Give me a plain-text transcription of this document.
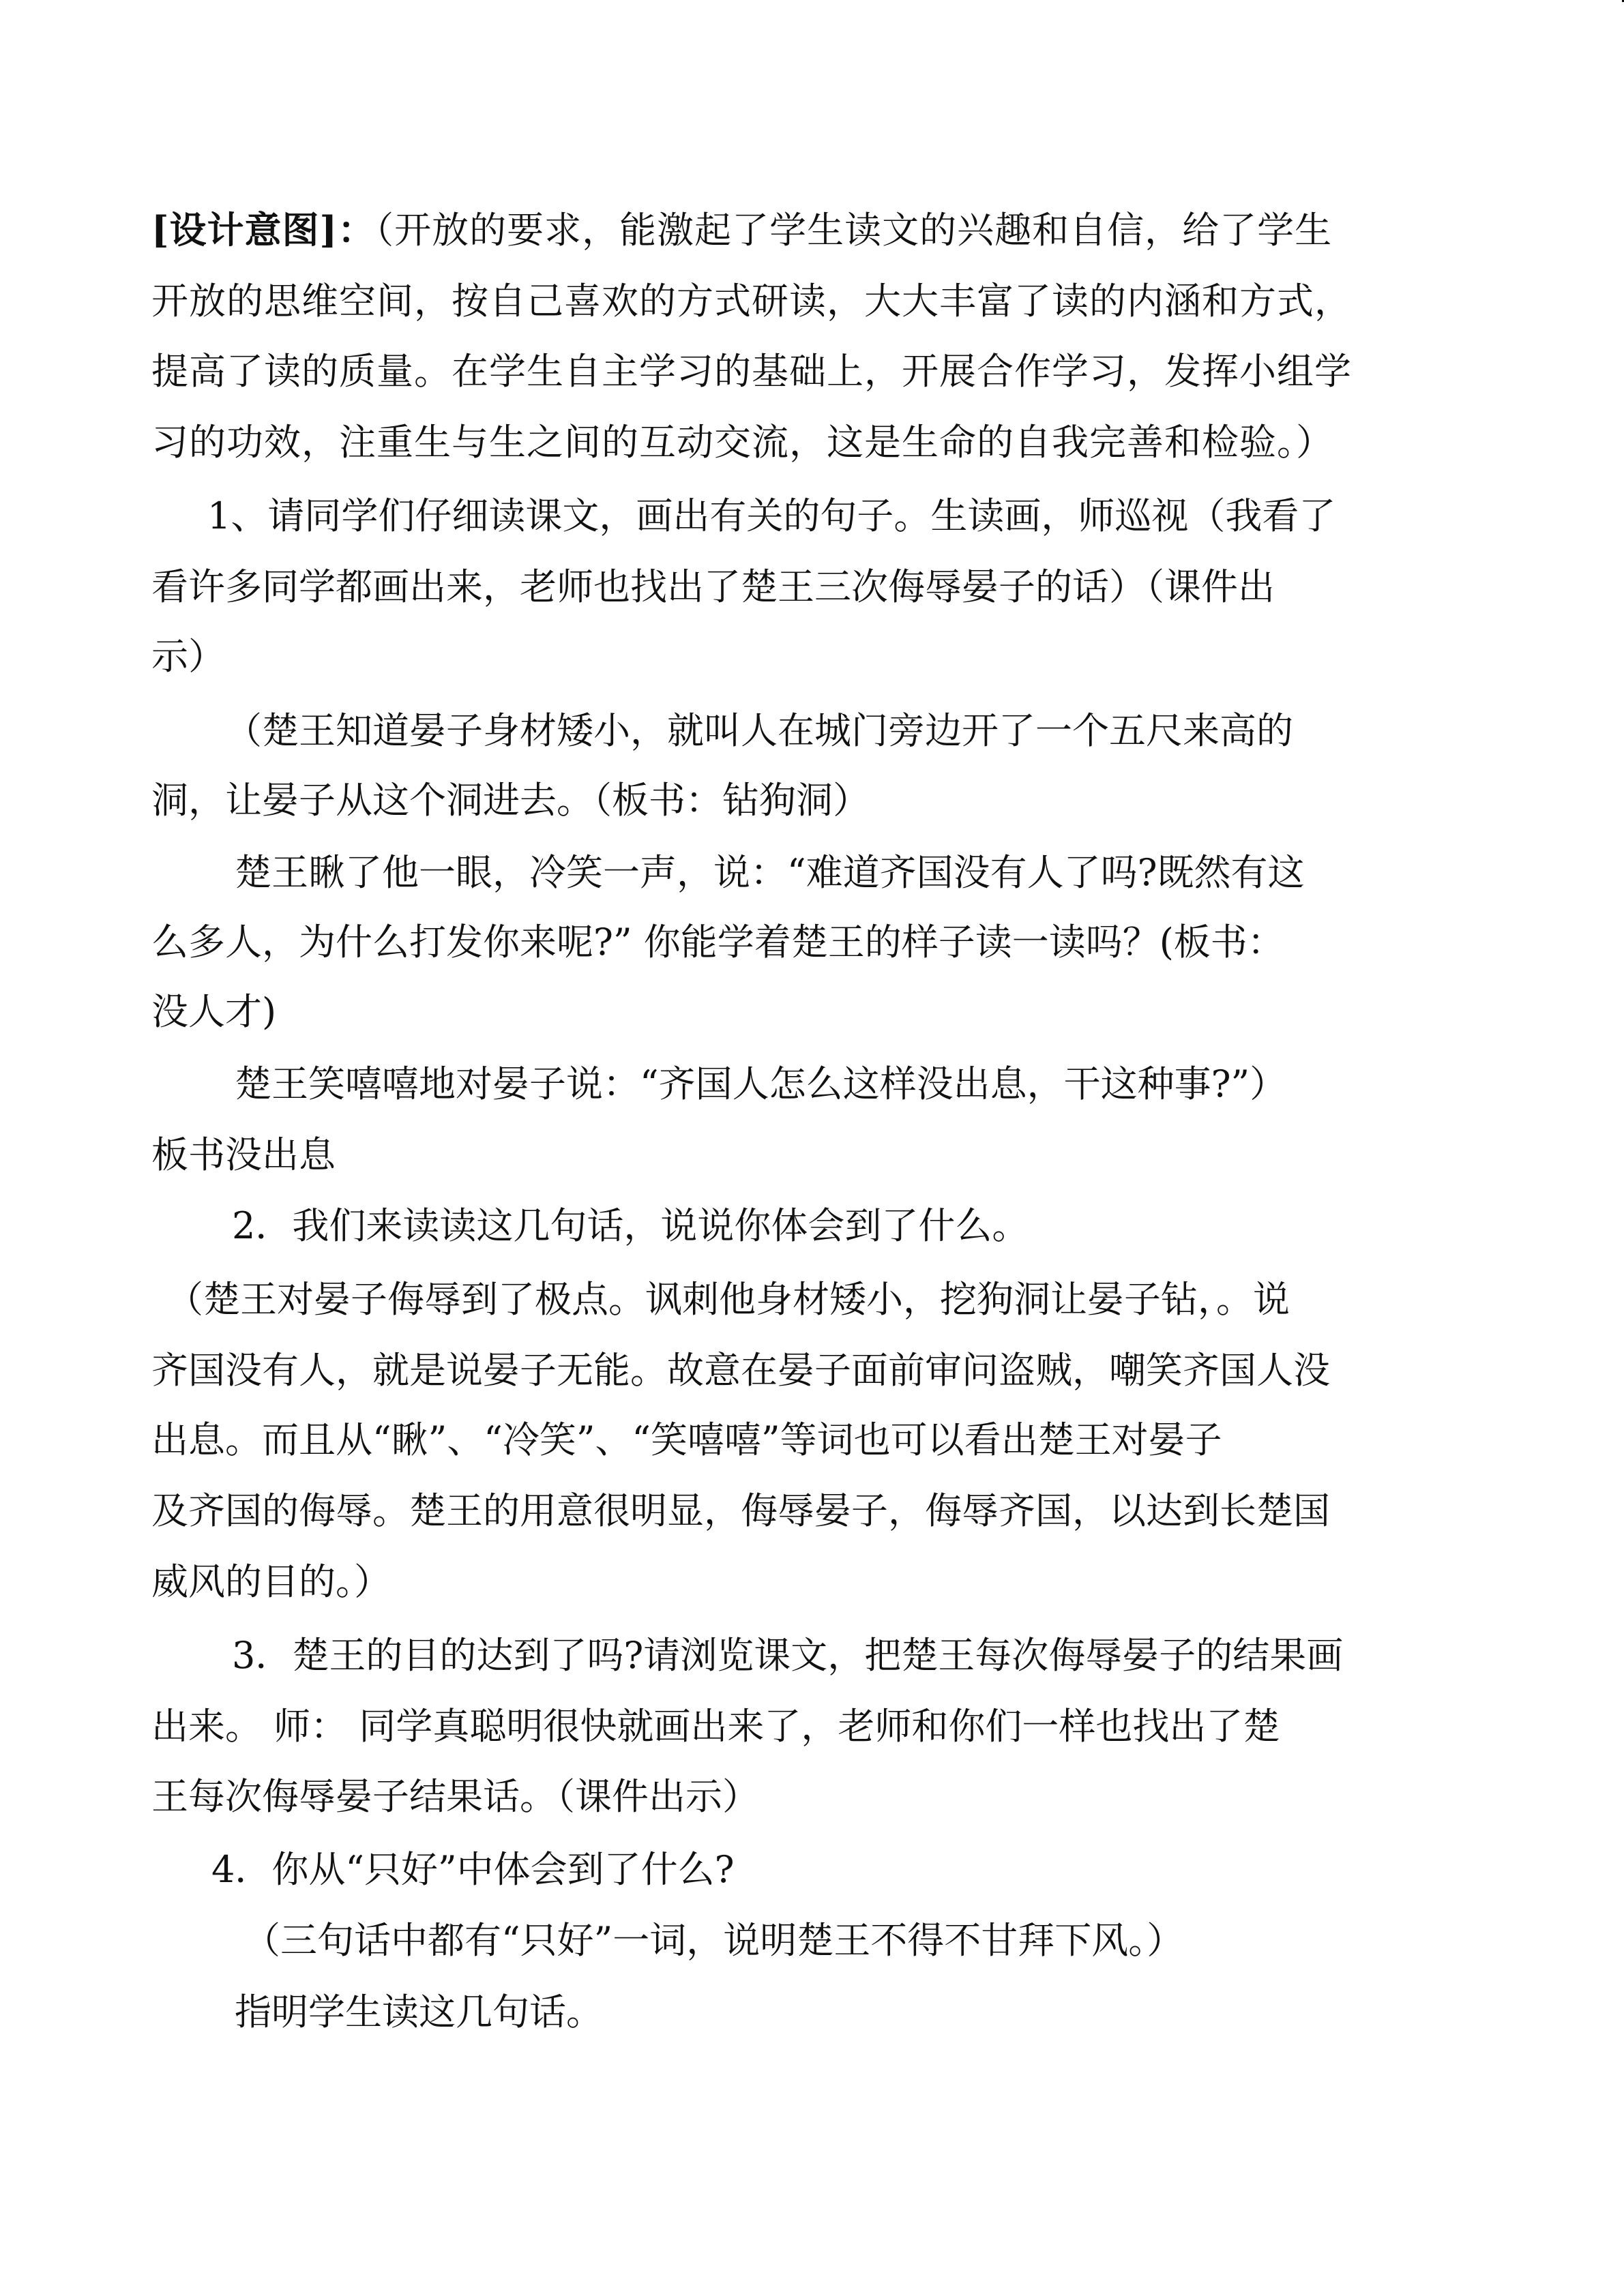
[设计意图]：（开放的要求，能激起了学生读文的兴趣和自信，给了学生
开放的思维空间，按自己喜欢的方式研读，大大丰富了读的内涵和方式，
提高了读的质量。在学生自主学习的基础上，开展合作学习，发挥小组学
习的功效，注重生与生之间的互动交流，这是生命的自我完善和检验。）
1、请同学们仔细读课文，画出有关的句子。生读画，师巡视（我看了
看许多同学都画出来，老师也找出了楚王三次侮辱晏子的话）（课件出
示）
（楚王知道晏子身材矮小，就叫人在城门旁边开了一个五尺来高的
洞，让晏子从这个洞进去。（板书：钻狗洞）
楚王瞅了他一眼，冷笑一声，说：“难道齐国没有人了吗?既然有这
么多人，为什么打发你来呢?” 你能学着楚王的样子读一读吗？(板书：
没人才)
楚王笑嘻嘻地对晏子说：“齐国人怎么这样没出息，干这种事?”）
板书没出息
2．我们来读读这几句话，说说你体会到了什么。
（楚王对晏子侮辱到了极点。讽刺他身材矮小，挖狗洞让晏子钻，。说
齐国没有人，就是说晏子无能。故意在晏子面前审问盗贼，嘲笑齐国人没
出息。而且从“瞅”、“冷笑”、“笑嘻嘻”等词也可以看出楚王对晏子
及齐国的侮辱。楚王的用意很明显，侮辱晏子，侮辱齐国，以达到长楚国
威风的目的。）
3．楚王的目的达到了吗?请浏览课文，把楚王每次侮辱晏子的结果画
出来。 师： 同学真聪明很快就画出来了，老师和你们一样也找出了楚
王每次侮辱晏子结果话。（课件出示）
4．你从“只好”中体会到了什么?
（三句话中都有“只好”一词，说明楚王不得不甘拜下风。）
指明学生读这几句话。
